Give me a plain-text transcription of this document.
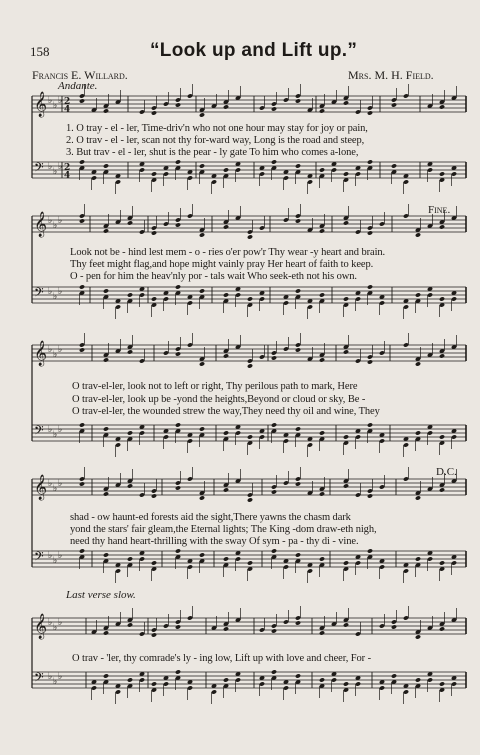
𝄞 ♭ ♭ ♭ 2
4
𝄢 ♭ ♭ ♭ 2
4
𝄞 ♭ ♭ ♭
𝄢 ♭ ♭ ♭
𝄞 ♭ ♭ ♭
𝄢 ♭ ♭ ♭
𝄞 ♭ ♭ ♭
𝄢 ♭ ♭ ♭
𝄞 ♭ ♭ ♭
𝄢 ♭ ♭ ♭
158	“Look up and Lift up.”
Francis E. Willard.	Mrs. M. H. Field.
Andante.
Fine.
D.C.
Last verse slow.
1. O tray - el - ler, Time-driv'n who not one hour may stay for joy or pain,
2. O trav - el - ler, scan not thy for-ward way, Long is the road and steep,
3. But trav - el - ler, shut is the pear - ly gate To him who comes a-lone,
Look not be - hind lest mem - o - ries o'er pow'r Thy wear -y heart and brain.
Thy feet might flag,and hope might vainly pray Her heart of faith to keep.
O - pen for him the heav'nly por - tals wait Who seek-eth not his own.
O trav-el-ler, look not to left or right, Thy perilous path to mark, Here
O trav-el-ler, look up be -yond the heights,Beyond or cloud or sky, Be -
O trav-el-ler, the wounded strew the way,They need thy oil and wine, They
shad - ow haunt-ed forests aid the sight,There yawns the chasm dark
yond the stars' fair gleam,the Eternal lights; The King -dom draw-eth nigh,
need thy hand heart-thrilling with the sway Of sym - pa - thy di - vine.
O trav - 'ler, thy comrade's ly - ing low, Lift up with love and cheer, For -
